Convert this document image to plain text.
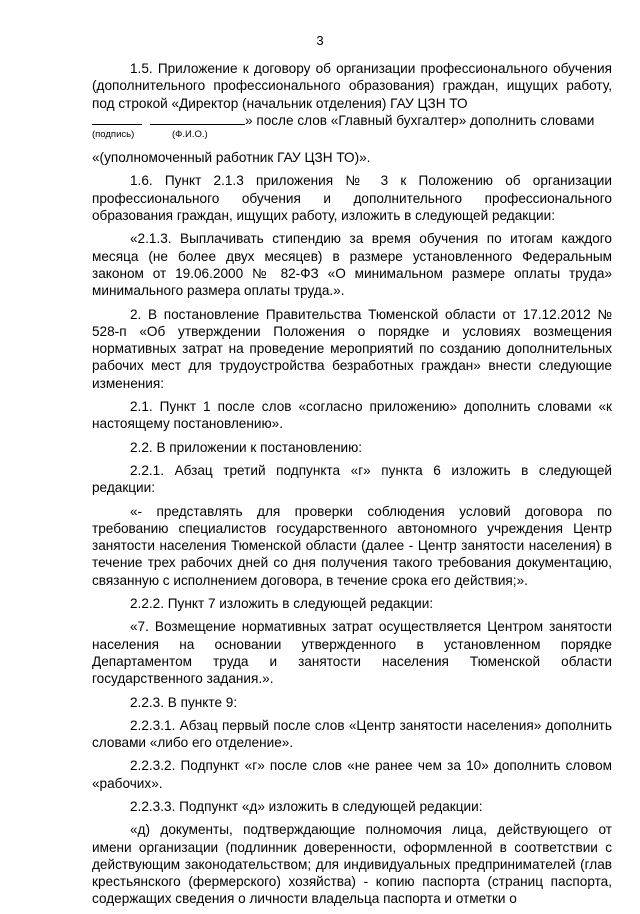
3

1.5. Приложение к договору об организации профессионального обучения (дополнительного профессионального образования) граждан, ищущих работу, под строкой «Директор (начальник отделения) ГАУ ЦЗН ТО

» после слов «Главный бухгалтер» дополнить словами

(подпись)	(Ф.И.О.)

«(уполномоченный работник ГАУ ЦЗН ТО)».

1.6. Пункт 2.1.3 приложения № 3 к Положению об организации профессионального обучения и дополнительного профессионального образования граждан, ищущих работу, изложить в следующей редакции:

«2.1.3. Выплачивать стипендию за время обучения по итогам каждого месяца (не более двух месяцев) в размере установленного Федеральным законом от 19.06.2000 № 82-ФЗ «О минимальном размере оплаты труда» минимального размера оплаты труда.».

2. В постановление Правительства Тюменской области от 17.12.2012 № 528-п «Об утверждении Положения о порядке и условиях возмещения нормативных затрат на проведение мероприятий по созданию дополнительных рабочих мест для трудоустройства безработных граждан» внести следующие изменения:

2.1. Пункт 1 после слов «согласно приложению» дополнить словами «к настоящему постановлению».

2.2. В приложении к постановлению:

2.2.1. Абзац третий подпункта «г» пункта 6 изложить в следующей редакции:

«- представлять для проверки соблюдения условий договора по требованию специалистов государственного автономного учреждения Центр занятости населения Тюменской области (далее - Центр занятости населения) в течение трех рабочих дней со дня получения такого требования документацию, связанную с исполнением договора, в течение срока его действия;».

2.2.2. Пункт 7 изложить в следующей редакции:

«7. Возмещение нормативных затрат осуществляется Центром занятости населения на основании утвержденного в установленном порядке Департаментом труда и занятости населения Тюменской области государственного задания.».

2.2.3. В пункте 9:

2.2.3.1. Абзац первый после слов «Центр занятости населения» дополнить словами «либо его отделение».

2.2.3.2. Подпункт «г» после слов «не ранее чем за 10» дополнить словом «рабочих».

2.2.3.3. Подпункт «д» изложить в следующей редакции:

«д) документы, подтверждающие полномочия лица, действующего от имени организации (подлинник доверенности, оформленной в соответствии с действующим законодательством; для индивидуальных предпринимателей (глав крестьянского (фермерского) хозяйства) - копию паспорта (страниц паспорта, содержащих сведения о личности владельца паспорта и отметки о
